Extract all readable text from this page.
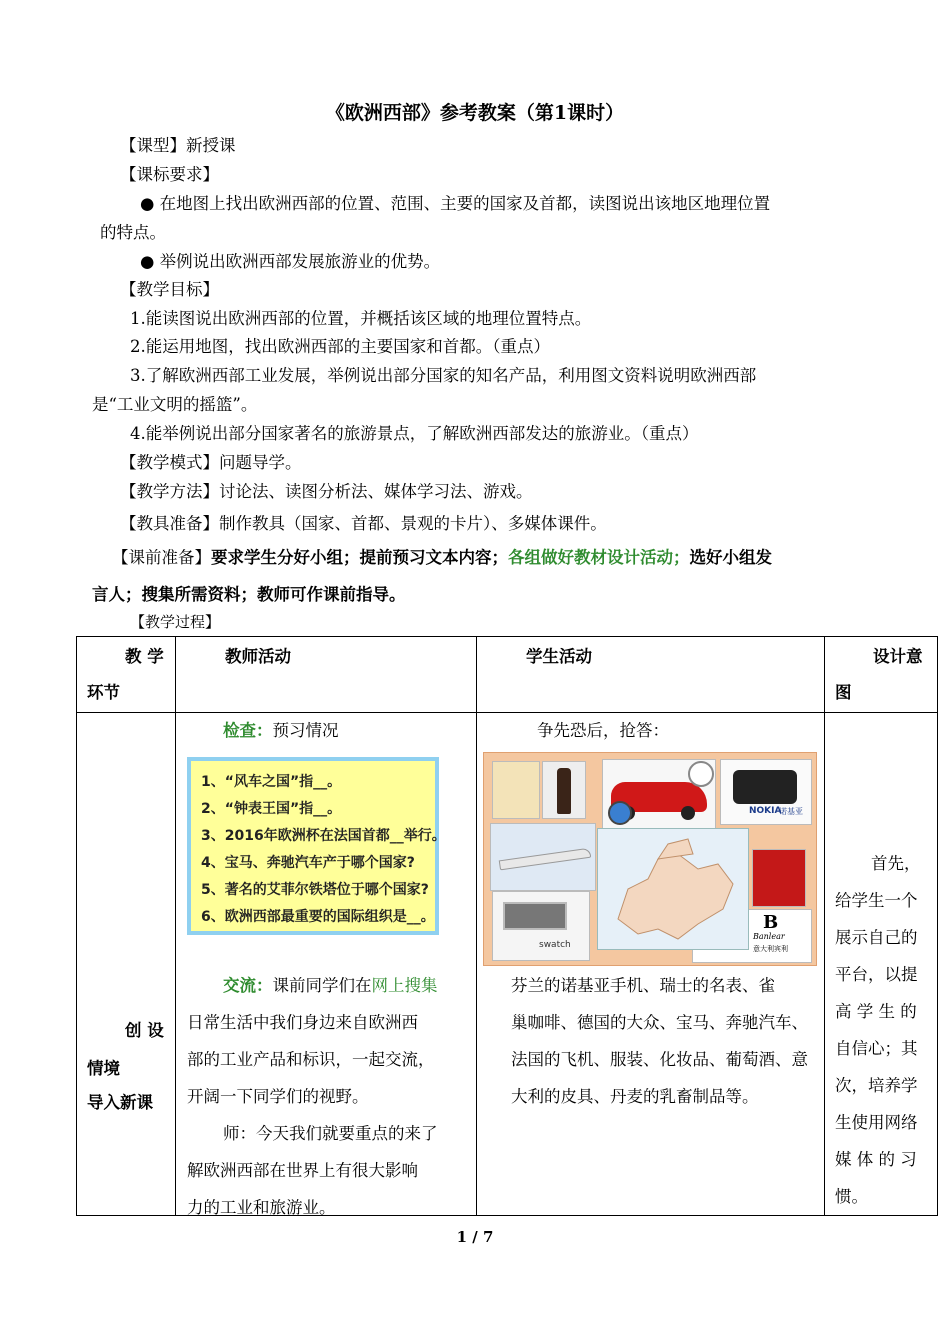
《欧洲西部》参考教案（第1课时）
【课型】新授课
【课标要求】
● 在地图上找出欧洲西部的位置、范围、主要的国家及首都，读图说出该地区地理位置
的特点。
● 举例说出欧洲西部发展旅游业的优势。
【教学目标】
1.能读图说出欧洲西部的位置，并概括该区域的地理位置特点。
2.能运用地图，找出欧洲西部的主要国家和首都。（重点）
3.了解欧洲西部工业发展，举例说出部分国家的知名产品，利用图文资料说明欧洲西部
是“工业文明的摇篮”。
4.能举例说出部分国家著名的旅游景点，了解欧洲西部发达的旅游业。（重点）
【教学模式】问题导学。
【教学方法】讨论法、读图分析法、媒体学习法、游戏。
【教具准备】制作教具（国家、首都、景观的卡片）、多媒体课件。
【课前准备】要求学生分好小组；提前预习文本内容；各组做好教材设计活动；选好小组发
言人；搜集所需资料；教师可作课前指导。
【教学过程】
教 学
环节
教师活动	学生活动	设计意
图
创 设
情境
导入新课
检查：预习情况
交流：课前同学们在网上搜集
日常生活中我们身边来自欧洲西
部的工业产品和标识，一起交流，
开阔一下同学们的视野。
师：今天我们就要重点的来了
解欧洲西部在世界上有很大影响
力的工业和旅游业。
争先恐后，抢答：
芬兰的诺基亚手机、瑞士的名表、雀
巢咖啡、德国的大众、宝马、奔驰汽车、
法国的飞机、服装、化妆品、葡萄酒、意
大利的皮具、丹麦的乳畜制品等。
首先，
给学生一个
展示自己的
平台，以提
高 学 生 的
自信心；其
次，培养学
生使用网络
媒 体 的 习
惯。
1、“风车之国”指__。
2、“钟表王国”指__。
3、2016年欧洲杯在法国首都__举行。
4、宝马、奔驰汽车产于哪个国家?
5、著名的艾菲尔铁塔位于哪个国家?
6、欧洲西部最重要的国际组织是__。
NOKIA
诺基亚
swatch
B
Banlear
意大利宾利
1 / 7
